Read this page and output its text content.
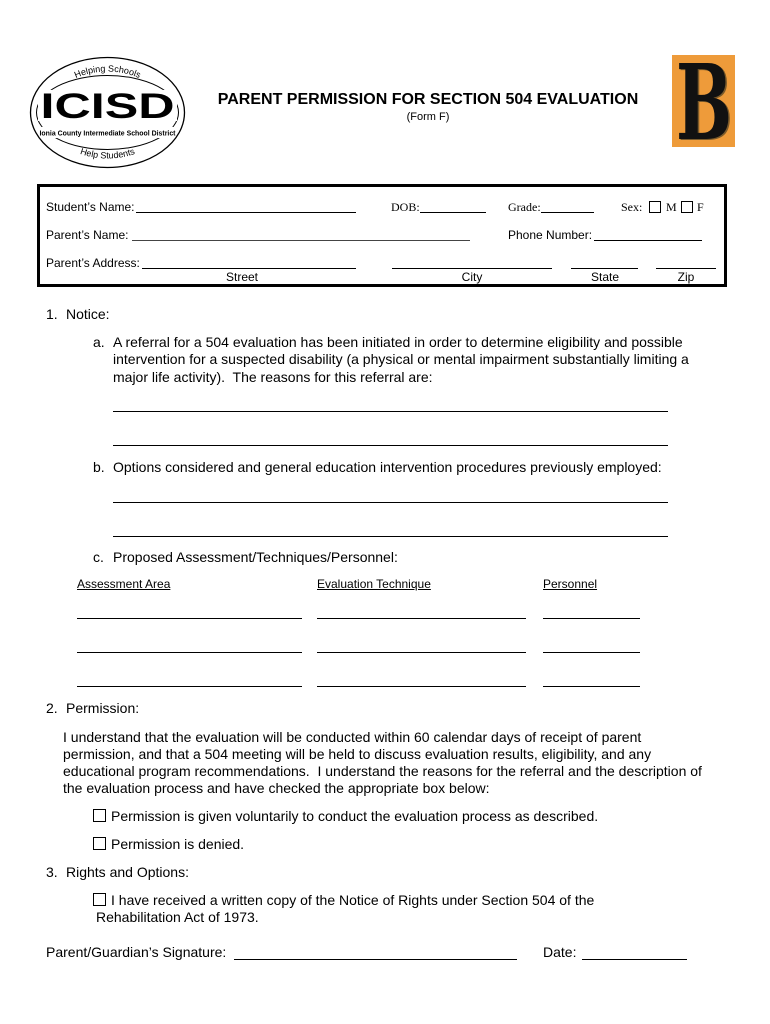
Helping Schools
ICISD
Ionia County Intermediate School District
Help Students	B
B
PARENT PERMISSION FOR SECTION 504 EVALUATION
(Form F)
Student’s Name:	DOB:	Grade:	Sex: M F
Parent’s Name:	Phone Number:
Parent’s Address:
Street	City	State	Zip
1. Notice:
a. A referral for a 504 evaluation has been initiated in order to determine eligibility and possible
intervention for a suspected disability (a physical or mental impairment substantially limiting a
major life activity).  The reasons for this referral are:
b. Options considered and general education intervention procedures previously employed:
c. Proposed Assessment/Techniques/Personnel:
Assessment Area	Evaluation Technique	Personnel
2. Permission:
I understand that the evaluation will be conducted within 60 calendar days of receipt of parent
permission, and that a 504 meeting will be held to discuss evaluation results, eligibility, and any
educational program recommendations.  I understand the reasons for the referral and the description of
the evaluation process and have checked the appropriate box below:
Permission is given voluntarily to conduct the evaluation process as described.
Permission is denied.
3. Rights and Options:
I have received a written copy of the Notice of Rights under Section 504 of the
Rehabilitation Act of 1973.
Parent/Guardian’s Signature:	Date:
